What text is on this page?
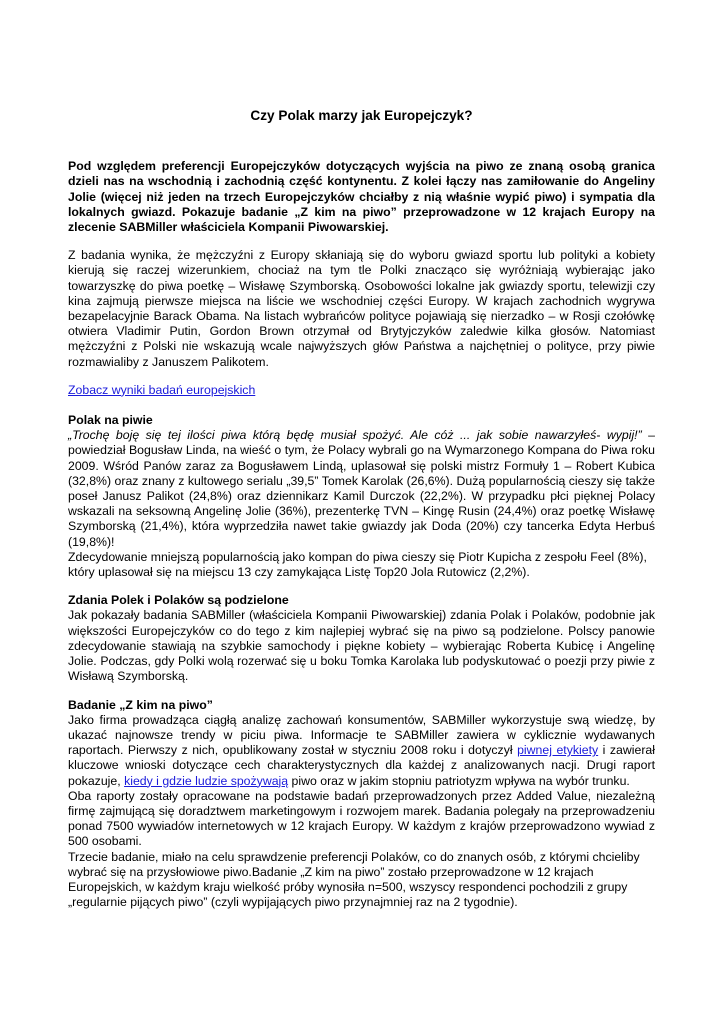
Czy Polak marzy jak Europejczyk?

Pod względem preferencji Europejczyków dotyczących wyjścia na piwo ze znaną osobą granica dzieli nas na wschodnią i zachodnią część kontynentu. Z kolei łączy nas zamiłowanie do Angeliny Jolie (więcej niż jeden na trzech Europejczyków chciałby z nią właśnie wypić piwo) i sympatia dla lokalnych gwiazd. Pokazuje badanie „Z kim na piwo” przeprowadzone w 12 krajach Europy na zlecenie SABMiller właściciela Kompanii Piwowarskiej.

Z badania wynika, że mężczyźni z Europy skłaniają się do wyboru gwiazd sportu lub polityki a kobiety kierują się raczej wizerunkiem, chociaż na tym tle Polki znacząco się wyróżniają wybierając jako towarzyszkę do piwa poetkę – Wisławę Szymborską. Osobowości lokalne jak gwiazdy sportu, telewizji czy kina zajmują pierwsze miejsca na liście we wschodniej części Europy. W krajach zachodnich wygrywa bezapelacyjnie Barack Obama. Na listach wybrańców polityce pojawiają się nierzadko – w Rosji czołówkę otwiera Vladimir Putin, Gordon Brown otrzymał od Brytyjczyków zaledwie kilka głosów. Natomiast mężczyźni z Polski nie wskazują wcale najwyższych głów Państwa a najchętniej o polityce, przy piwie rozmawialiby z Januszem Palikotem.

Zobacz wyniki badań europejskich

Polak na piwie

„Trochę boję się tej ilości piwa którą będę musiał spożyć. Ale cóż ... jak sobie nawarzyłeś- wypij!” – powiedział Bogusław Linda, na wieść o tym, że Polacy wybrali go na Wymarzonego Kompana do Piwa roku 2009. Wśród Panów zaraz za Bogusławem Lindą, uplasował się polski mistrz Formuły 1 – Robert Kubica (32,8%) oraz znany z kultowego serialu „39,5” Tomek Karolak (26,6%). Dużą popularnością cieszy się także poseł Janusz Palikot (24,8%) oraz dziennikarz Kamil Durczok (22,2%). W przypadku płci pięknej Polacy wskazali na seksowną Angelinę Jolie (36%), prezenterkę TVN – Kingę Rusin (24,4%) oraz poetkę Wisławę Szymborską (21,4%), która wyprzedziła nawet takie gwiazdy jak Doda (20%) czy tancerka Edyta Herbuś (19,8%)!

Zdecydowanie mniejszą popularnością jako kompan do piwa cieszy się Piotr Kupicha z zespołu Feel (8%), który uplasował się na miejscu 13 czy zamykająca Listę Top20 Jola Rutowicz (2,2%).

Zdania Polek i Polaków są podzielone

Jak pokazały badania SABMiller (właściciela Kompanii Piwowarskiej) zdania Polak i Polaków, podobnie jak większości Europejczyków co do tego z kim najlepiej wybrać się na piwo są podzielone. Polscy panowie zdecydowanie stawiają na szybkie samochody i piękne kobiety – wybierając Roberta Kubicę i Angelinę Jolie. Podczas, gdy Polki wolą rozerwać się u boku Tomka Karolaka lub podyskutować o poezji przy piwie z Wisławą Szymborską.

Badanie „Z kim na piwo”

Jako firma prowadząca ciągłą analizę zachowań konsumentów, SABMiller wykorzystuje swą wiedzę, by ukazać najnowsze trendy w piciu piwa. Informacje te SABMiller zawiera w cyklicznie wydawanych raportach. Pierwszy z nich, opublikowany został w styczniu 2008 roku i dotyczył piwnej etykiety i zawierał kluczowe wnioski dotyczące cech charakterystycznych dla każdej z analizowanych nacji. Drugi raport pokazuje, kiedy i gdzie ludzie spożywają piwo oraz w jakim stopniu patriotyzm wpływa na wybór trunku.

Oba raporty zostały opracowane na podstawie badań przeprowadzonych przez Added Value, niezależną firmę zajmującą się doradztwem marketingowym i rozwojem marek. Badania polegały na przeprowadzeniu ponad 7500 wywiadów internetowych w 12 krajach Europy. W każdym z krajów przeprowadzono wywiad z 500 osobami.

Trzecie badanie, miało na celu sprawdzenie preferencji Polaków, co do znanych osób, z którymi chcieliby wybrać się na przysłowiowe piwo.Badanie „Z kim na piwo” zostało przeprowadzone w 12 krajach Europejskich, w każdym kraju wielkość próby wynosiła n=500, wszyscy respondenci pochodzili z grupy „regularnie pijących piwo” (czyli wypijających piwo przynajmniej raz na 2 tygodnie).
